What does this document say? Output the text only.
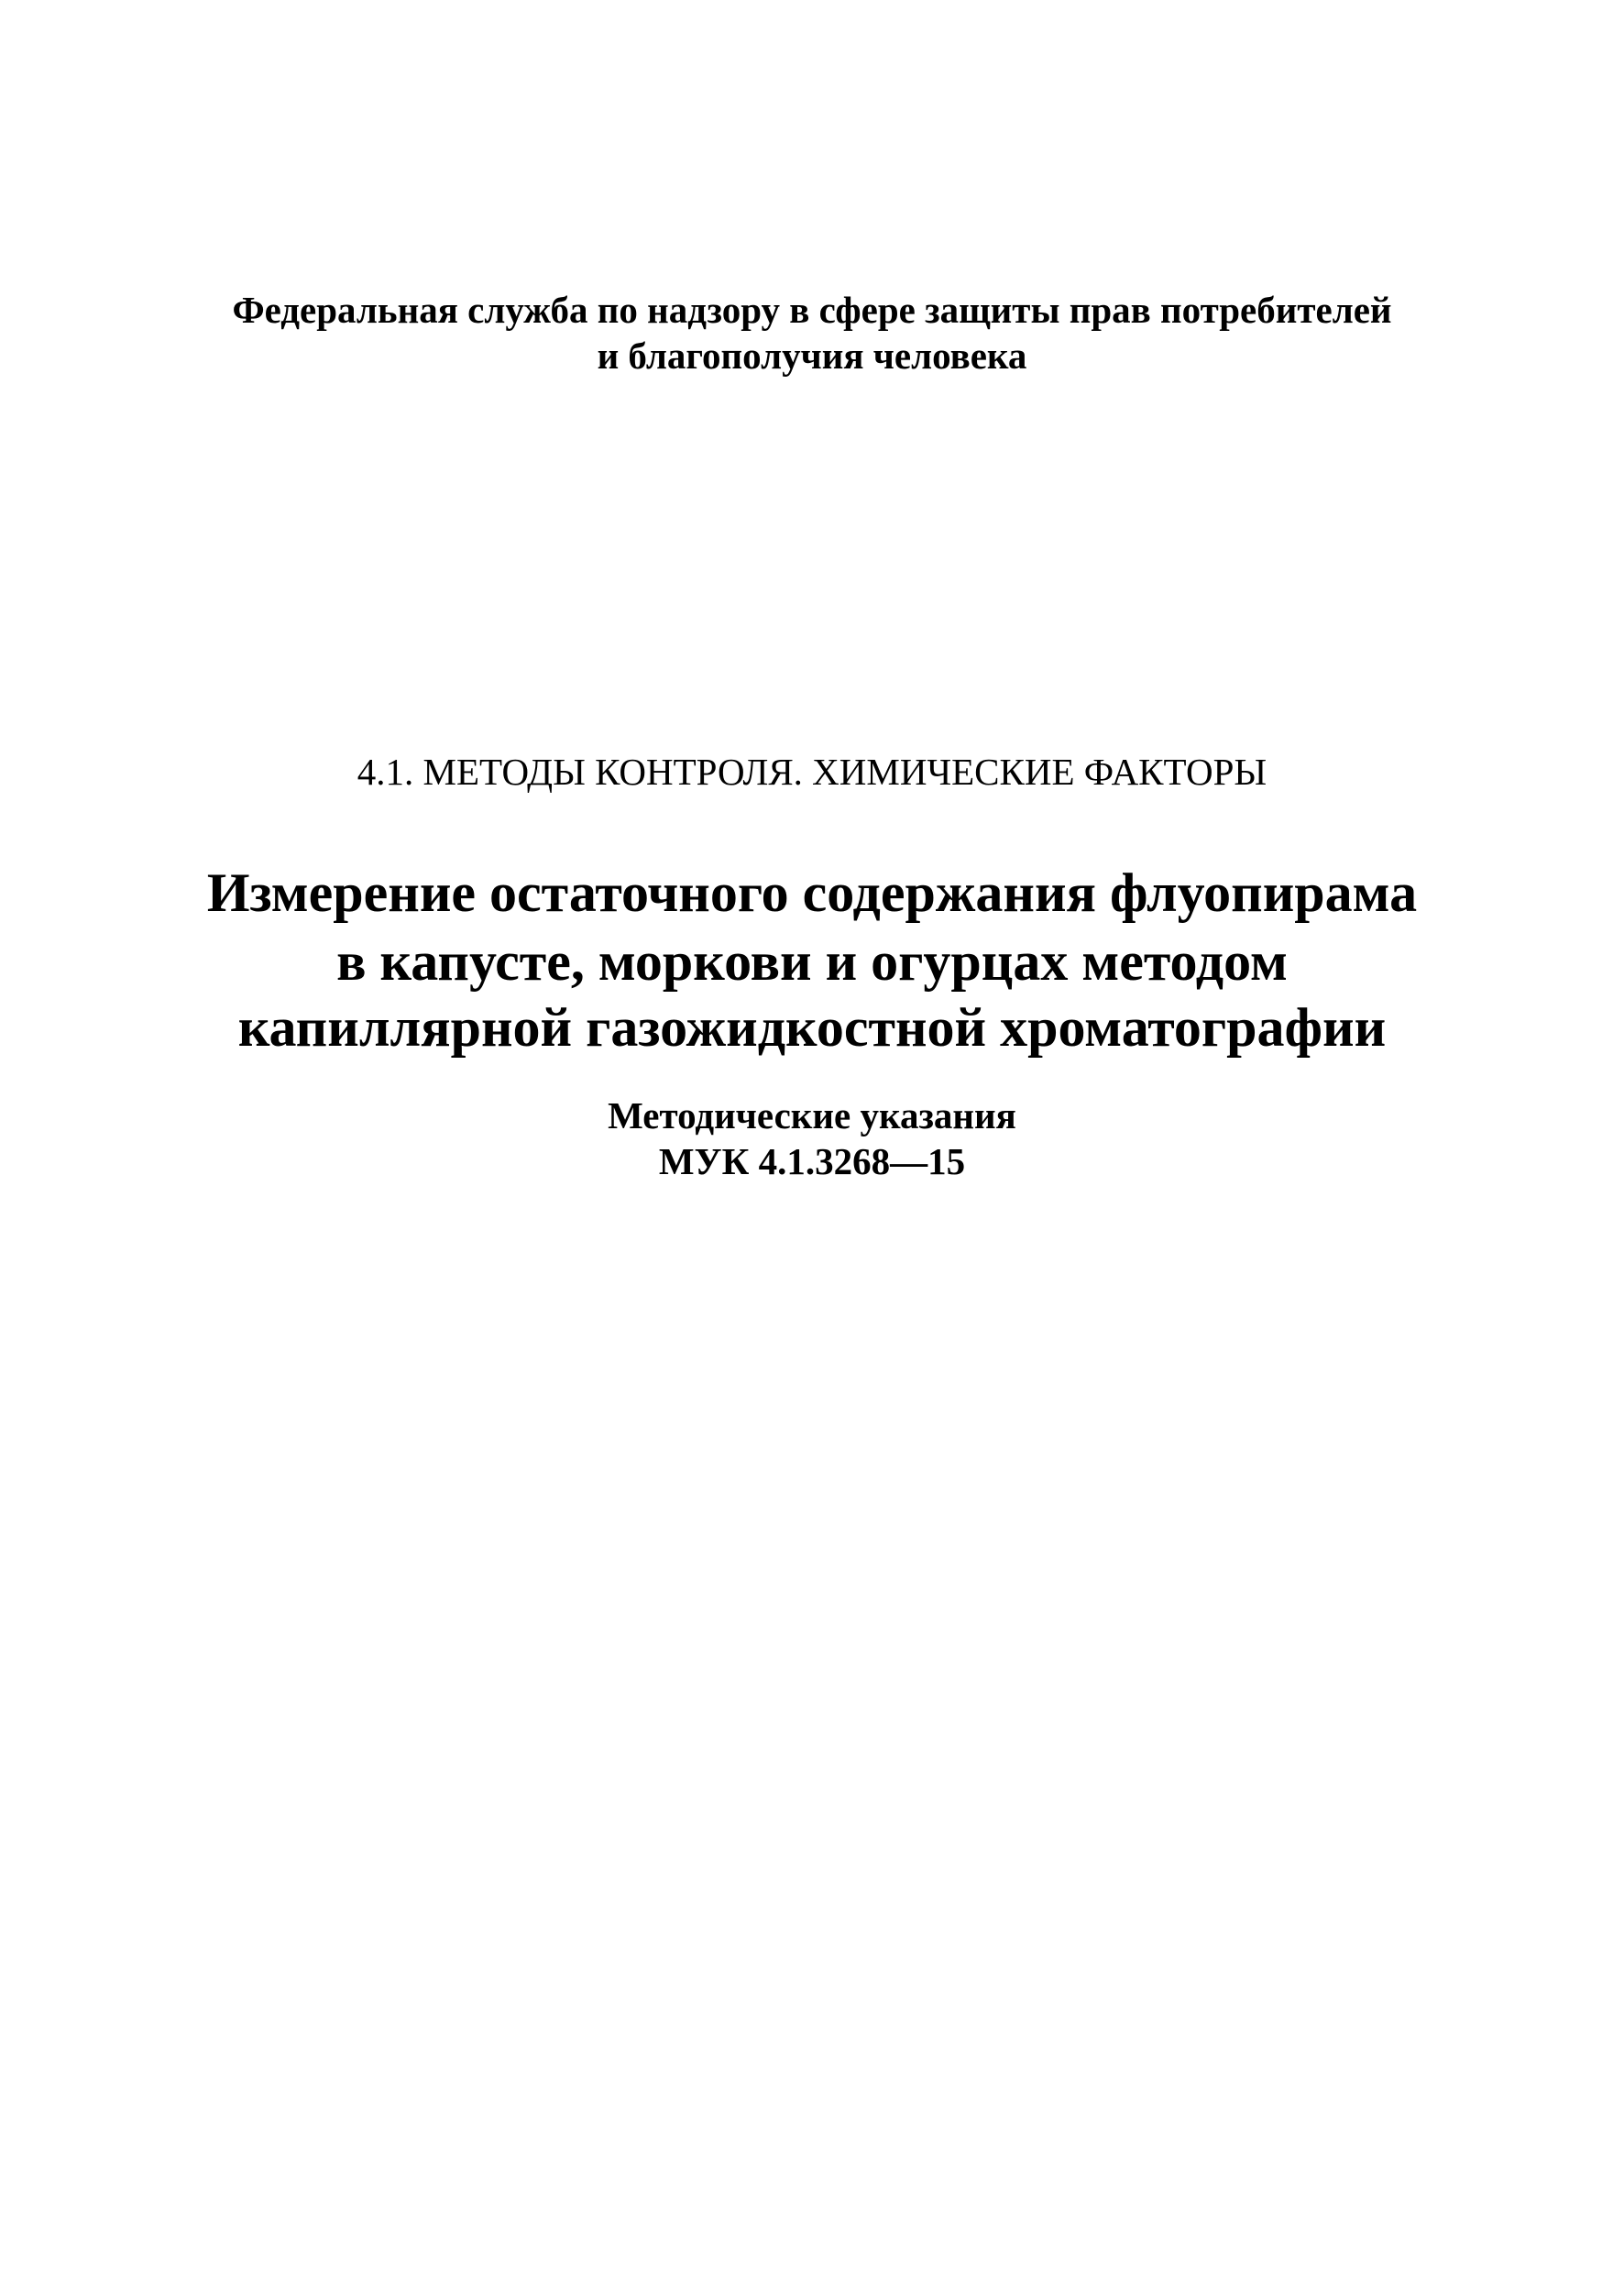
Федеральная служба по надзору в сфере защиты прав потребителей

и благополучия человека

4.1. МЕТОДЫ КОНТРОЛЯ. ХИМИЧЕСКИЕ ФАКТОРЫ

Измерение остаточного содержания флуопирама
в капусте, моркови и огурцах методом
капиллярной газожидкостной хроматографии

Методические указания

МУК 4.1.3268—15
